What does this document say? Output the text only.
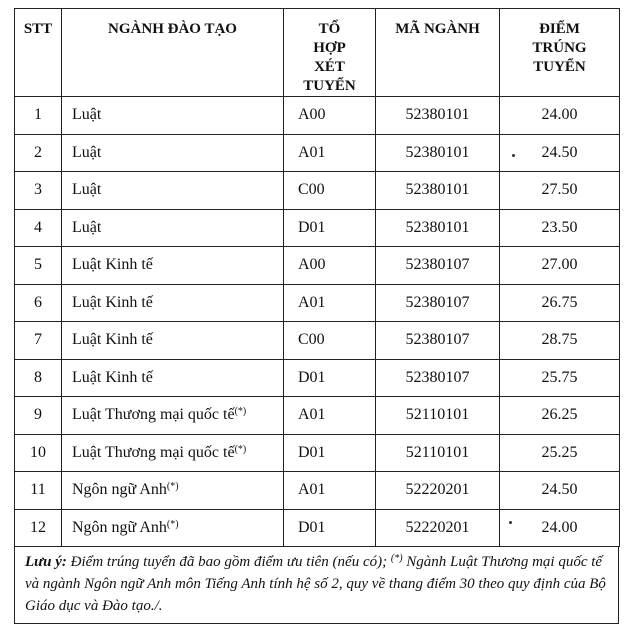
STT	NGÀNH ĐÀO TẠO	TỔ HỢP XÉT TUYỂN	MÃ NGÀNH	ĐIỂM TRÚNG TUYỂN
1	Luật	A00	52380101	24.00
2	Luật	A01	52380101	24.50
3	Luật	C00	52380101	27.50
4	Luật	D01	52380101	23.50
5	Luật Kinh tế	A00	52380107	27.00
6	Luật Kinh tế	A01	52380107	26.75
7	Luật Kinh tế	C00	52380107	28.75
8	Luật Kinh tế	D01	52380107	25.75
9	Luật Thương mại quốc tế(*)	A01	52110101	26.25
10	Luật Thương mại quốc tế(*)	D01	52110101	25.25
11	Ngôn ngữ Anh(*)	A01	52220201	24.50
12	Ngôn ngữ Anh(*)	D01	52220201	24.00
Lưu ý: Điểm trúng tuyển đã bao gồm điểm ưu tiên (nếu có); (*) Ngành Luật Thương mại quốc tế và ngành Ngôn ngữ Anh môn Tiếng Anh tính hệ số 2, quy về thang điểm 30 theo quy định của Bộ Giáo dục và Đào tạo./.
